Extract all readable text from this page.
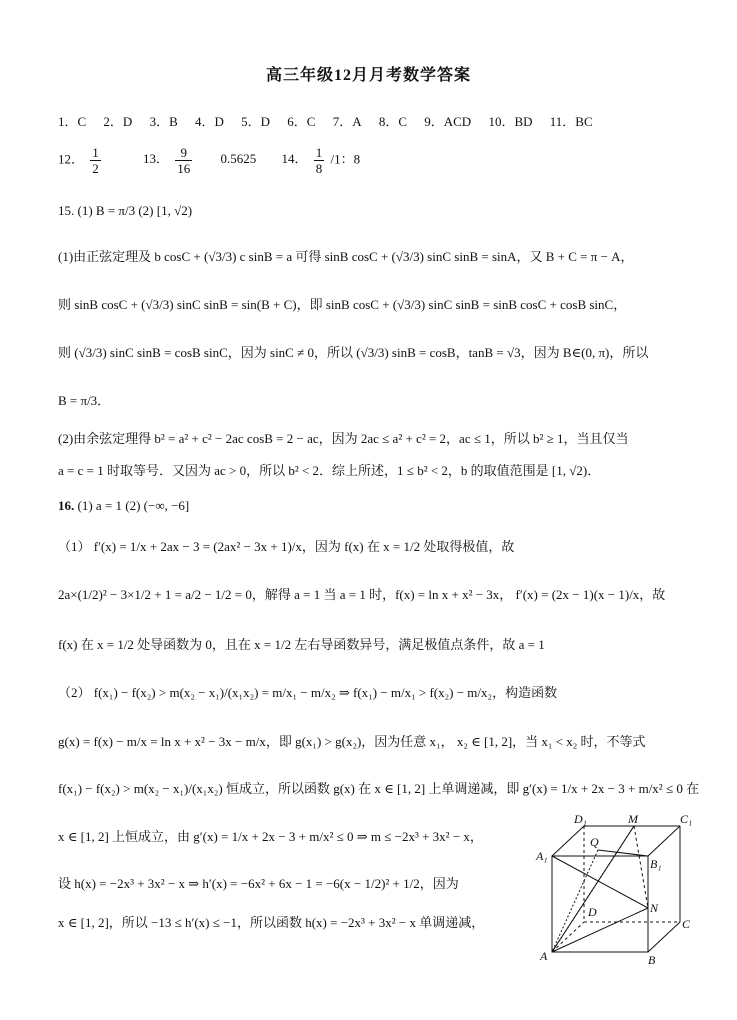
高三年级12月月考数学答案
1．C 2．D 3．B 4．D 5．D 6．C 7．A 8．C 9．ACD 10．BD 11．BC
12． $\frac{1}{2}$	13． $\frac{9}{16} 0.5625$ 14． $\frac{1}{8} /1$：8
15. (1) B = π/3 (2) [1, √2)
(1)由正弦定理及 b cosC + (√3/3) c sinB = a 可得 sinB cosC + (√3/3) sinC sinB = sinA，又 B + C = π − A，
则 sinB cosC + (√3/3) sinC sinB = sin(B + C)，即 sinB cosC + (√3/3) sinC sinB = sinB cosC + cosB sinC，
则 (√3/3) sinC sinB = cosB sinC，因为 sinC ≠ 0，所以 (√3/3) sinB = cosB，tanB = √3，因为 B∈(0, π)，所以
B = π/3．
(2)由余弦定理得 b² = a² + c² − 2ac cosB = 2 − ac，因为 2ac ≤ a² + c² = 2，ac ≤ 1，所以 b² ≥ 1，当且仅当
a = c = 1 时取等号．又因为 ac > 0，所以 b² < 2．综上所述，1 ≤ b² < 2，b 的取值范围是 [1, √2)．
16. (1) a = 1 (2) (−∞, −6]
（1） f′(x) = 1/x + 2ax − 3 = (2ax² − 3x + 1)/x，因为 f(x) 在 x = 1/2 处取得极值，故
2a×(1/2)² − 3×1/2 + 1 = a/2 − 1/2 = 0，解得 a = 1 当 a = 1 时，f(x) = ln x + x² − 3x， f′(x) = (2x − 1)(x − 1)/x，故
f(x) 在 x = 1/2 处导函数为 0，且在 x = 1/2 左右导函数异号，满足极值点条件，故 a = 1
（2） f(x₁) − f(x₂) > m(x₂ − x₁)/(x₁x₂) = m/x₁ − m/x₂ ⇒ f(x₁) − m/x₁ > f(x₂) − m/x₂，构造函数
g(x) = f(x) − m/x = ln x + x² − 3x − m/x，即 g(x₁) > g(x₂)，因为任意 x₁， x₂ ∈ [1, 2]，当 x₁ < x₂ 时，不等式
f(x₁) − f(x₂) > m(x₂ − x₁)/(x₁x₂) 恒成立，所以函数 g(x) 在 x ∈ [1, 2] 上单调递减，即 g′(x) = 1/x + 2x − 3 + m/x² ≤ 0 在
x ∈ [1, 2] 上恒成立，由 g′(x) = 1/x + 2x − 3 + m/x² ≤ 0 ⇒ m ≤ −2x³ + 3x² − x，
设 h(x) = −2x³ + 3x² − x ⇒ h′(x) = −6x² + 6x − 1 = −6(x − 1/2)² + 1/2，因为
x ∈ [1, 2]，所以 −13 ≤ h′(x) ≤ −1，所以函数 h(x) = −2x³ + 3x² − x 单调递减，
D₁	M	C₁
A₁
Q
B₁
D	N
C
A	B
